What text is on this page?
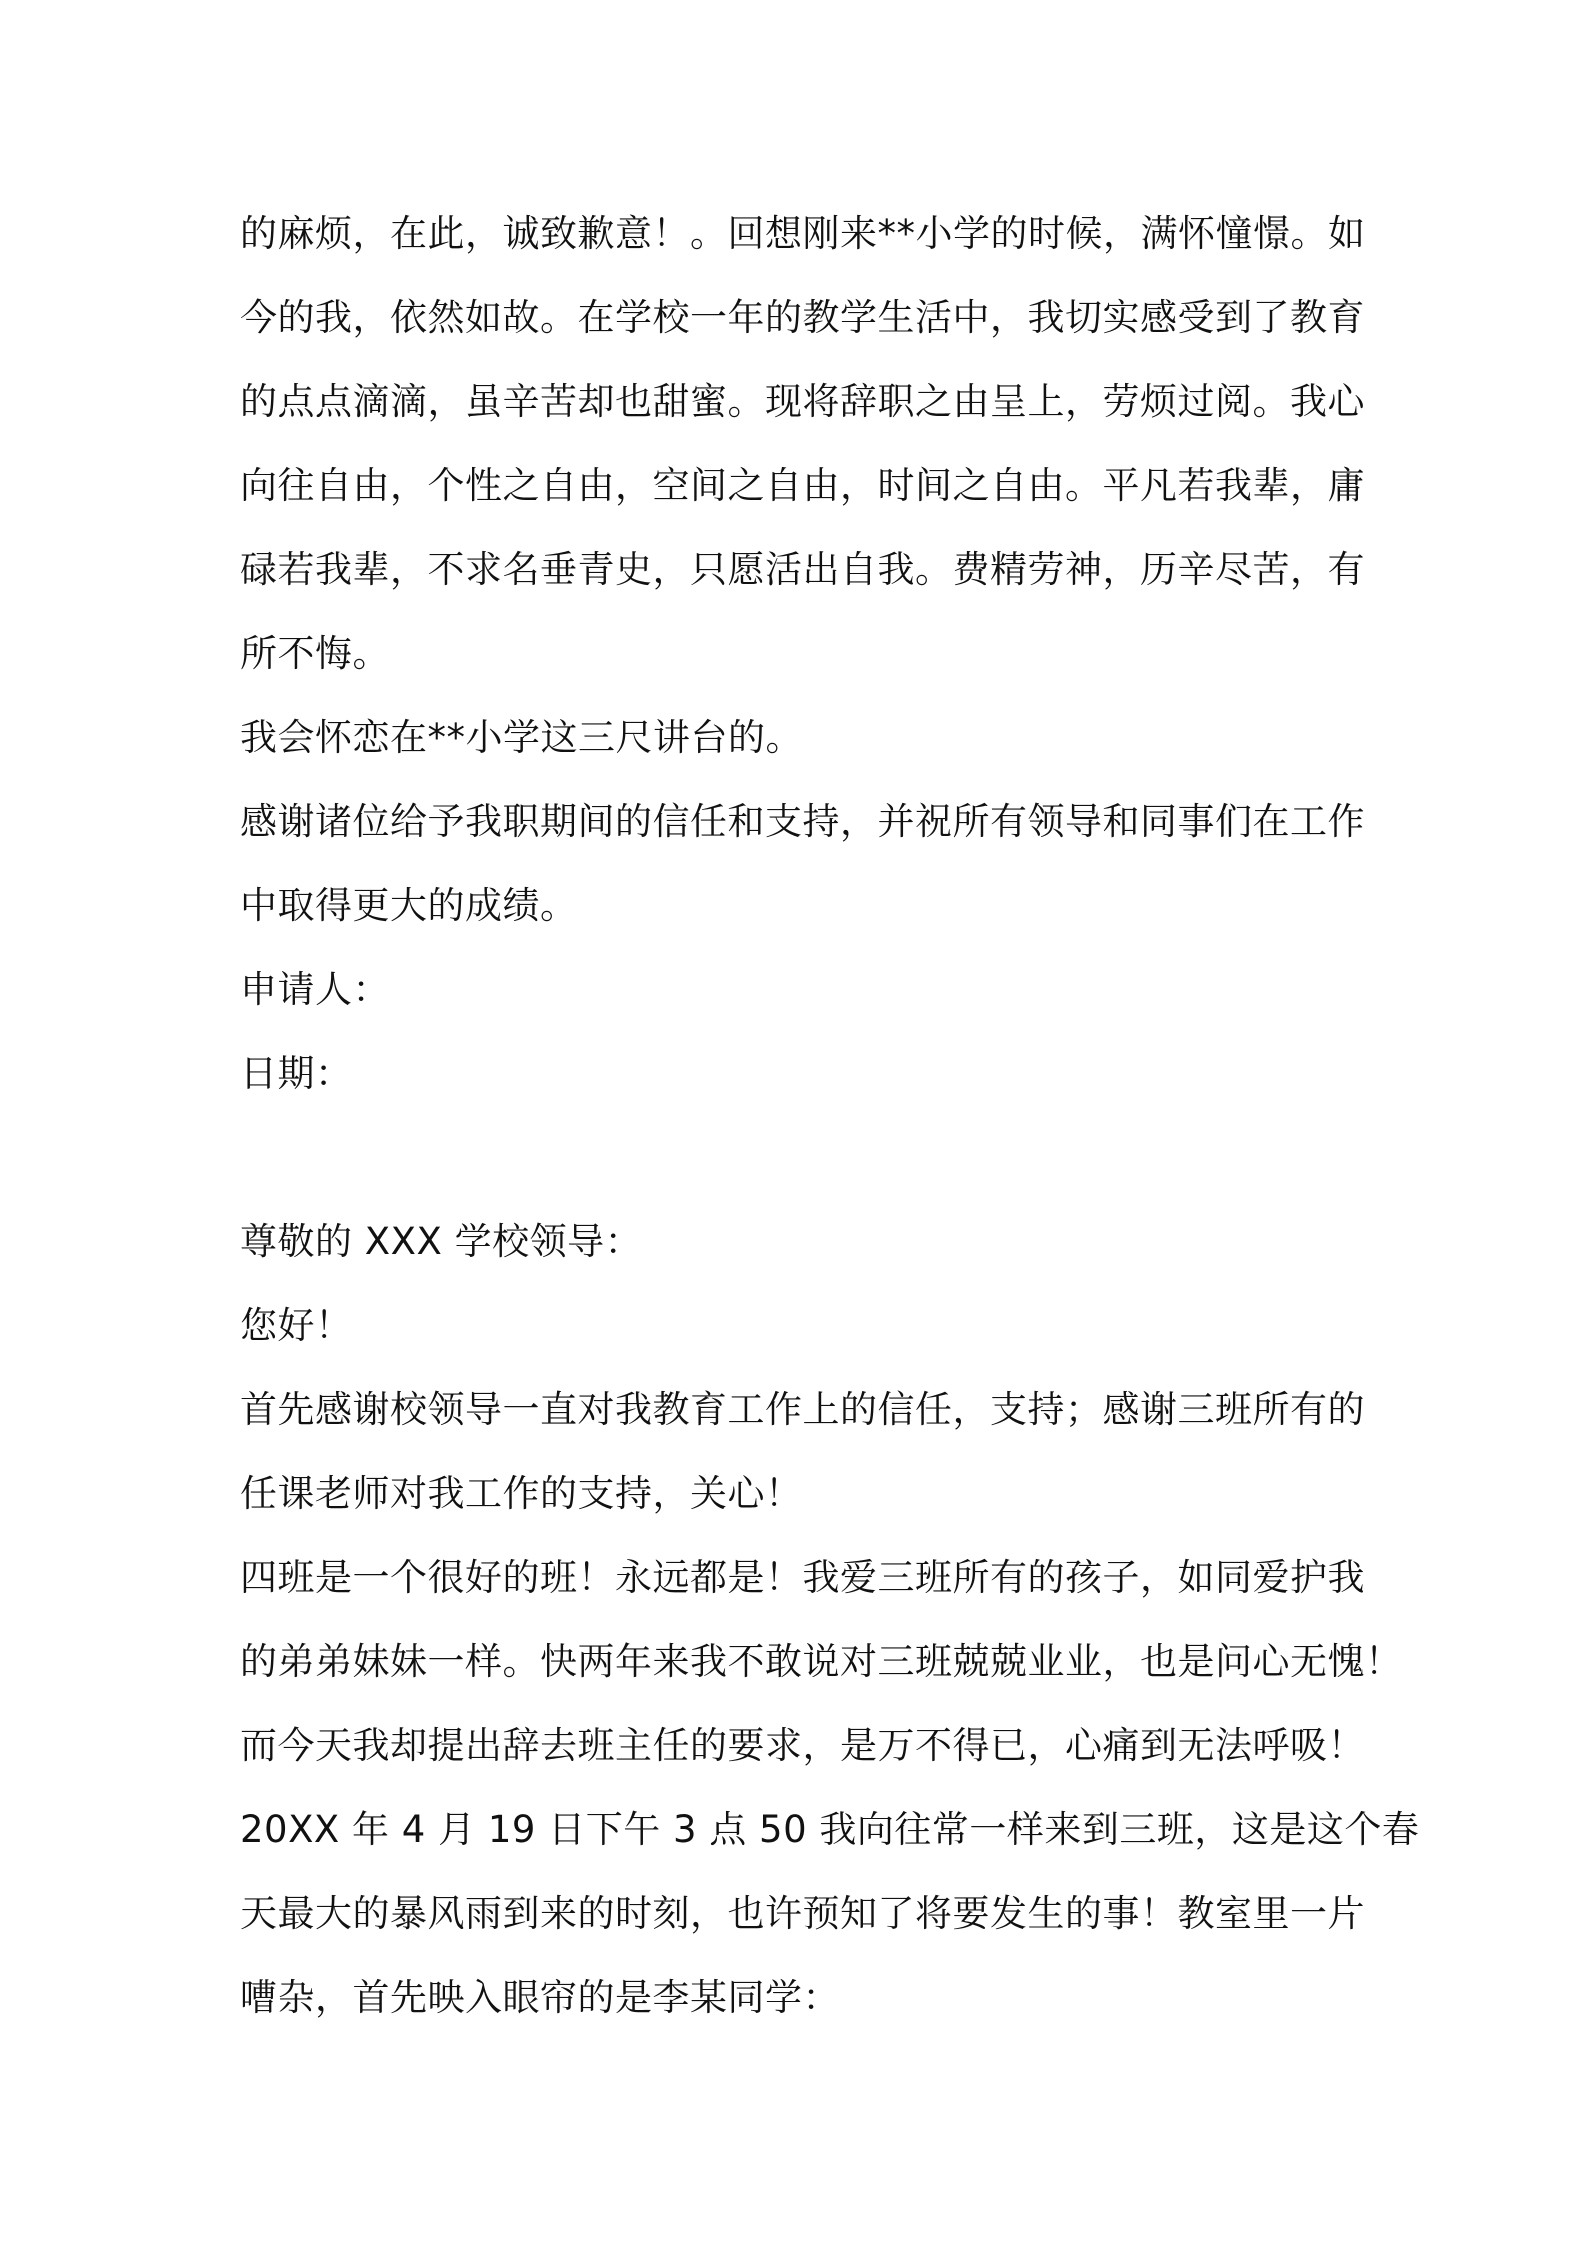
的麻烦，在此，诚致歉意！。回想刚来**小学的时候，满怀憧憬。如
今的我，依然如故。在学校一年的教学生活中，我切实感受到了教育
的点点滴滴，虽辛苦却也甜蜜。现将辞职之由呈上，劳烦过阅。我心
向往自由，个性之自由，空间之自由，时间之自由。平凡若我辈，庸
碌若我辈，不求名垂青史，只愿活出自我。费精劳神，历辛尽苦，有
所不悔。
我会怀恋在**小学这三尺讲台的。
感谢诸位给予我职期间的信任和支持，并祝所有领导和同事们在工作
中取得更大的成绩。
申请人：
日期：
尊敬的 XXX 学校领导：
您好！
首先感谢校领导一直对我教育工作上的信任，支持；感谢三班所有的
任课老师对我工作的支持，关心！
四班是一个很好的班！永远都是！我爱三班所有的孩子，如同爱护我
的弟弟妹妹一样。快两年来我不敢说对三班兢兢业业，也是问心无愧！
而今天我却提出辞去班主任的要求，是万不得已，心痛到无法呼吸！
20XX 年 4 月 19 日下午 3 点 50 我向往常一样来到三班，这是这个春
天最大的暴风雨到来的时刻，也许预知了将要发生的事！教室里一片
嘈杂，首先映入眼帘的是李某同学：
